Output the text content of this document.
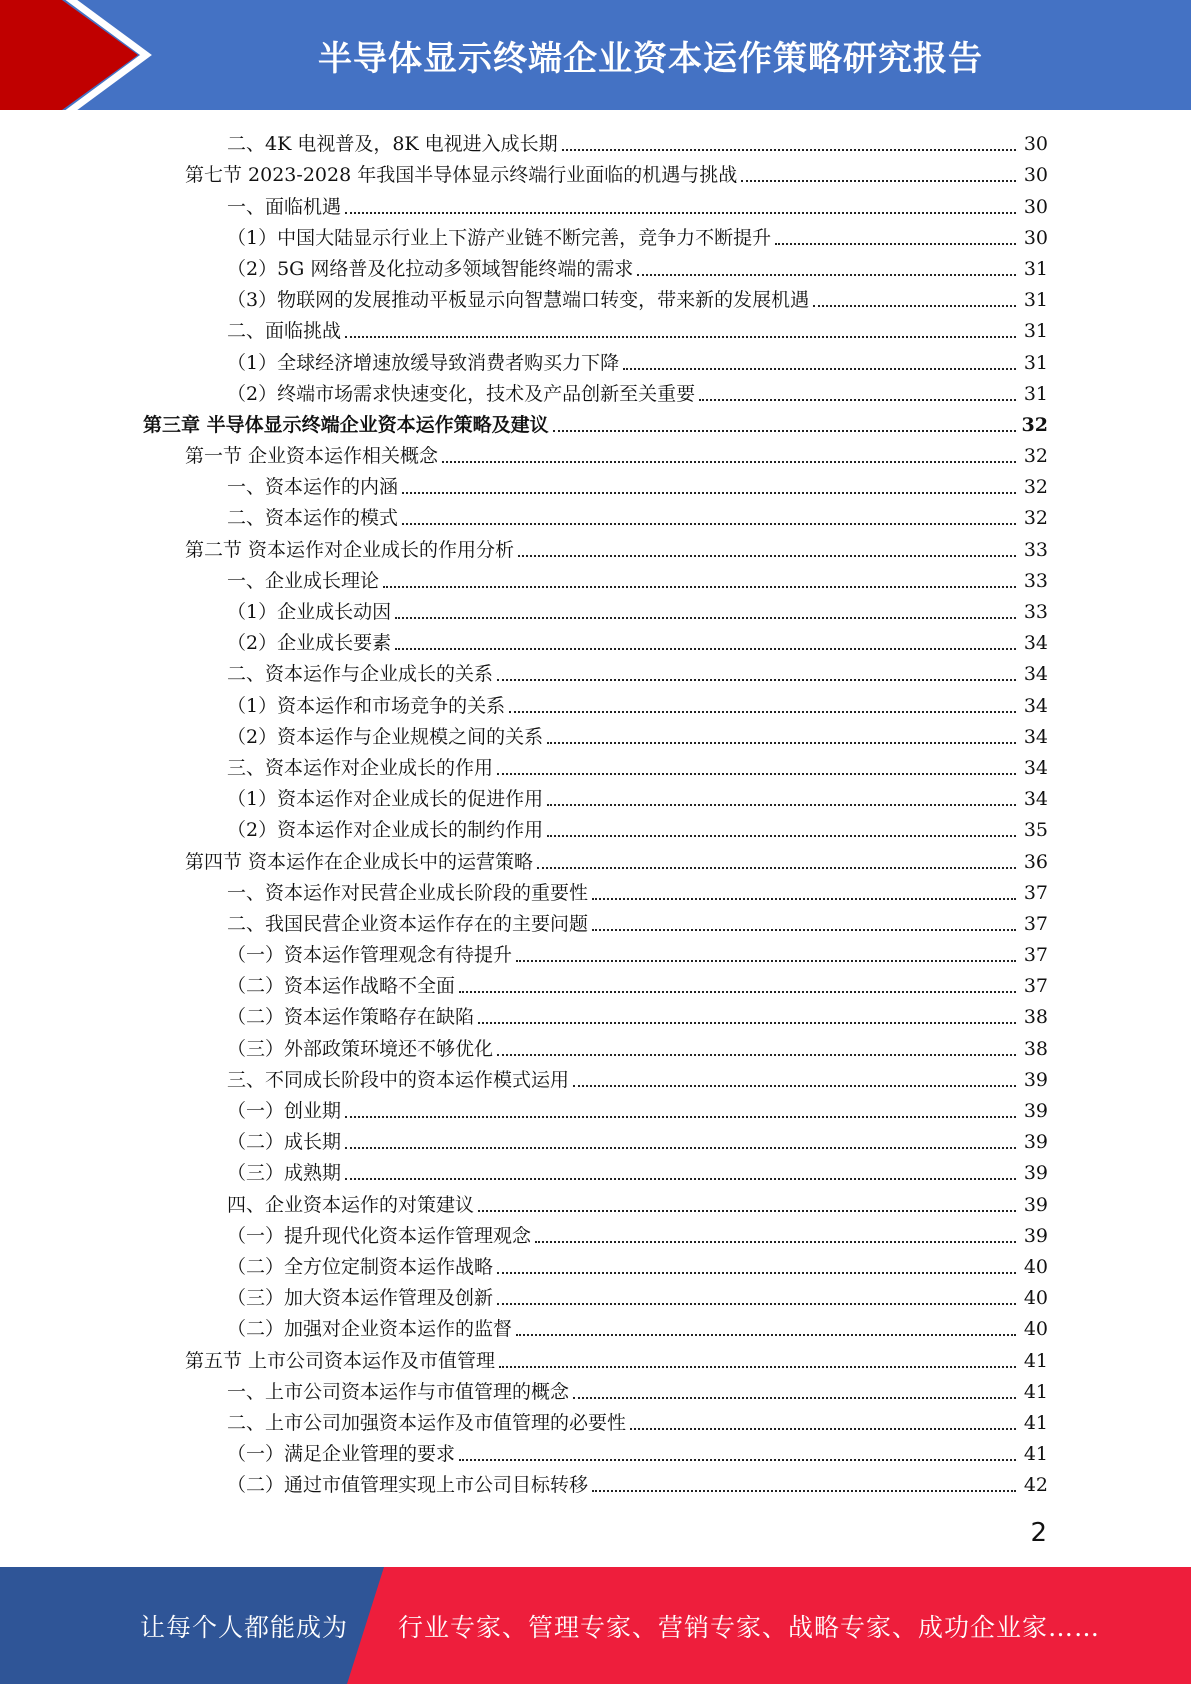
半导体显示终端企业资本运作策略研究报告
二、4K 电视普及，8K 电视进入成长期	30
第七节 2023-2028 年我国半导体显示终端行业面临的机遇与挑战	30
一、面临机遇	30
（1）中国大陆显示行业上下游产业链不断完善，竞争力不断提升	30
（2）5G 网络普及化拉动多领域智能终端的需求	31
（3）物联网的发展推动平板显示向智慧端口转变，带来新的发展机遇	31
二、面临挑战	31
（1）全球经济增速放缓导致消费者购买力下降	31
（2）终端市场需求快速变化，技术及产品创新至关重要	31
第三章 半导体显示终端企业资本运作策略及建议	32
第一节 企业资本运作相关概念	32
一、资本运作的内涵	32
二、资本运作的模式	32
第二节 资本运作对企业成长的作用分析	33
一、企业成长理论	33
（1）企业成长动因	33
（2）企业成长要素	34
二、资本运作与企业成长的关系	34
（1）资本运作和市场竞争的关系	34
（2）资本运作与企业规模之间的关系	34
三、资本运作对企业成长的作用	34
（1）资本运作对企业成长的促进作用	34
（2）资本运作对企业成长的制约作用	35
第四节 资本运作在企业成长中的运营策略	36
一、资本运作对民营企业成长阶段的重要性	37
二、我国民营企业资本运作存在的主要问题	37
（一）资本运作管理观念有待提升	37
（二）资本运作战略不全面	37
（二）资本运作策略存在缺陷	38
（三）外部政策环境还不够优化	38
三、不同成长阶段中的资本运作模式运用	39
（一）创业期	39
（二）成长期	39
（三）成熟期	39
四、企业资本运作的对策建议	39
（一）提升现代化资本运作管理观念	39
（二）全方位定制资本运作战略	40
（三）加大资本运作管理及创新	40
（二）加强对企业资本运作的监督	40
第五节 上市公司资本运作及市值管理	41
一、上市公司资本运作与市值管理的概念	41
二、上市公司加强资本运作及市值管理的必要性	41
（一）满足企业管理的要求	41
（二）通过市值管理实现上市公司目标转移	42
2
让每个人都能成为 行业专家、管理专家、营销专家、战略专家、成功企业家……
